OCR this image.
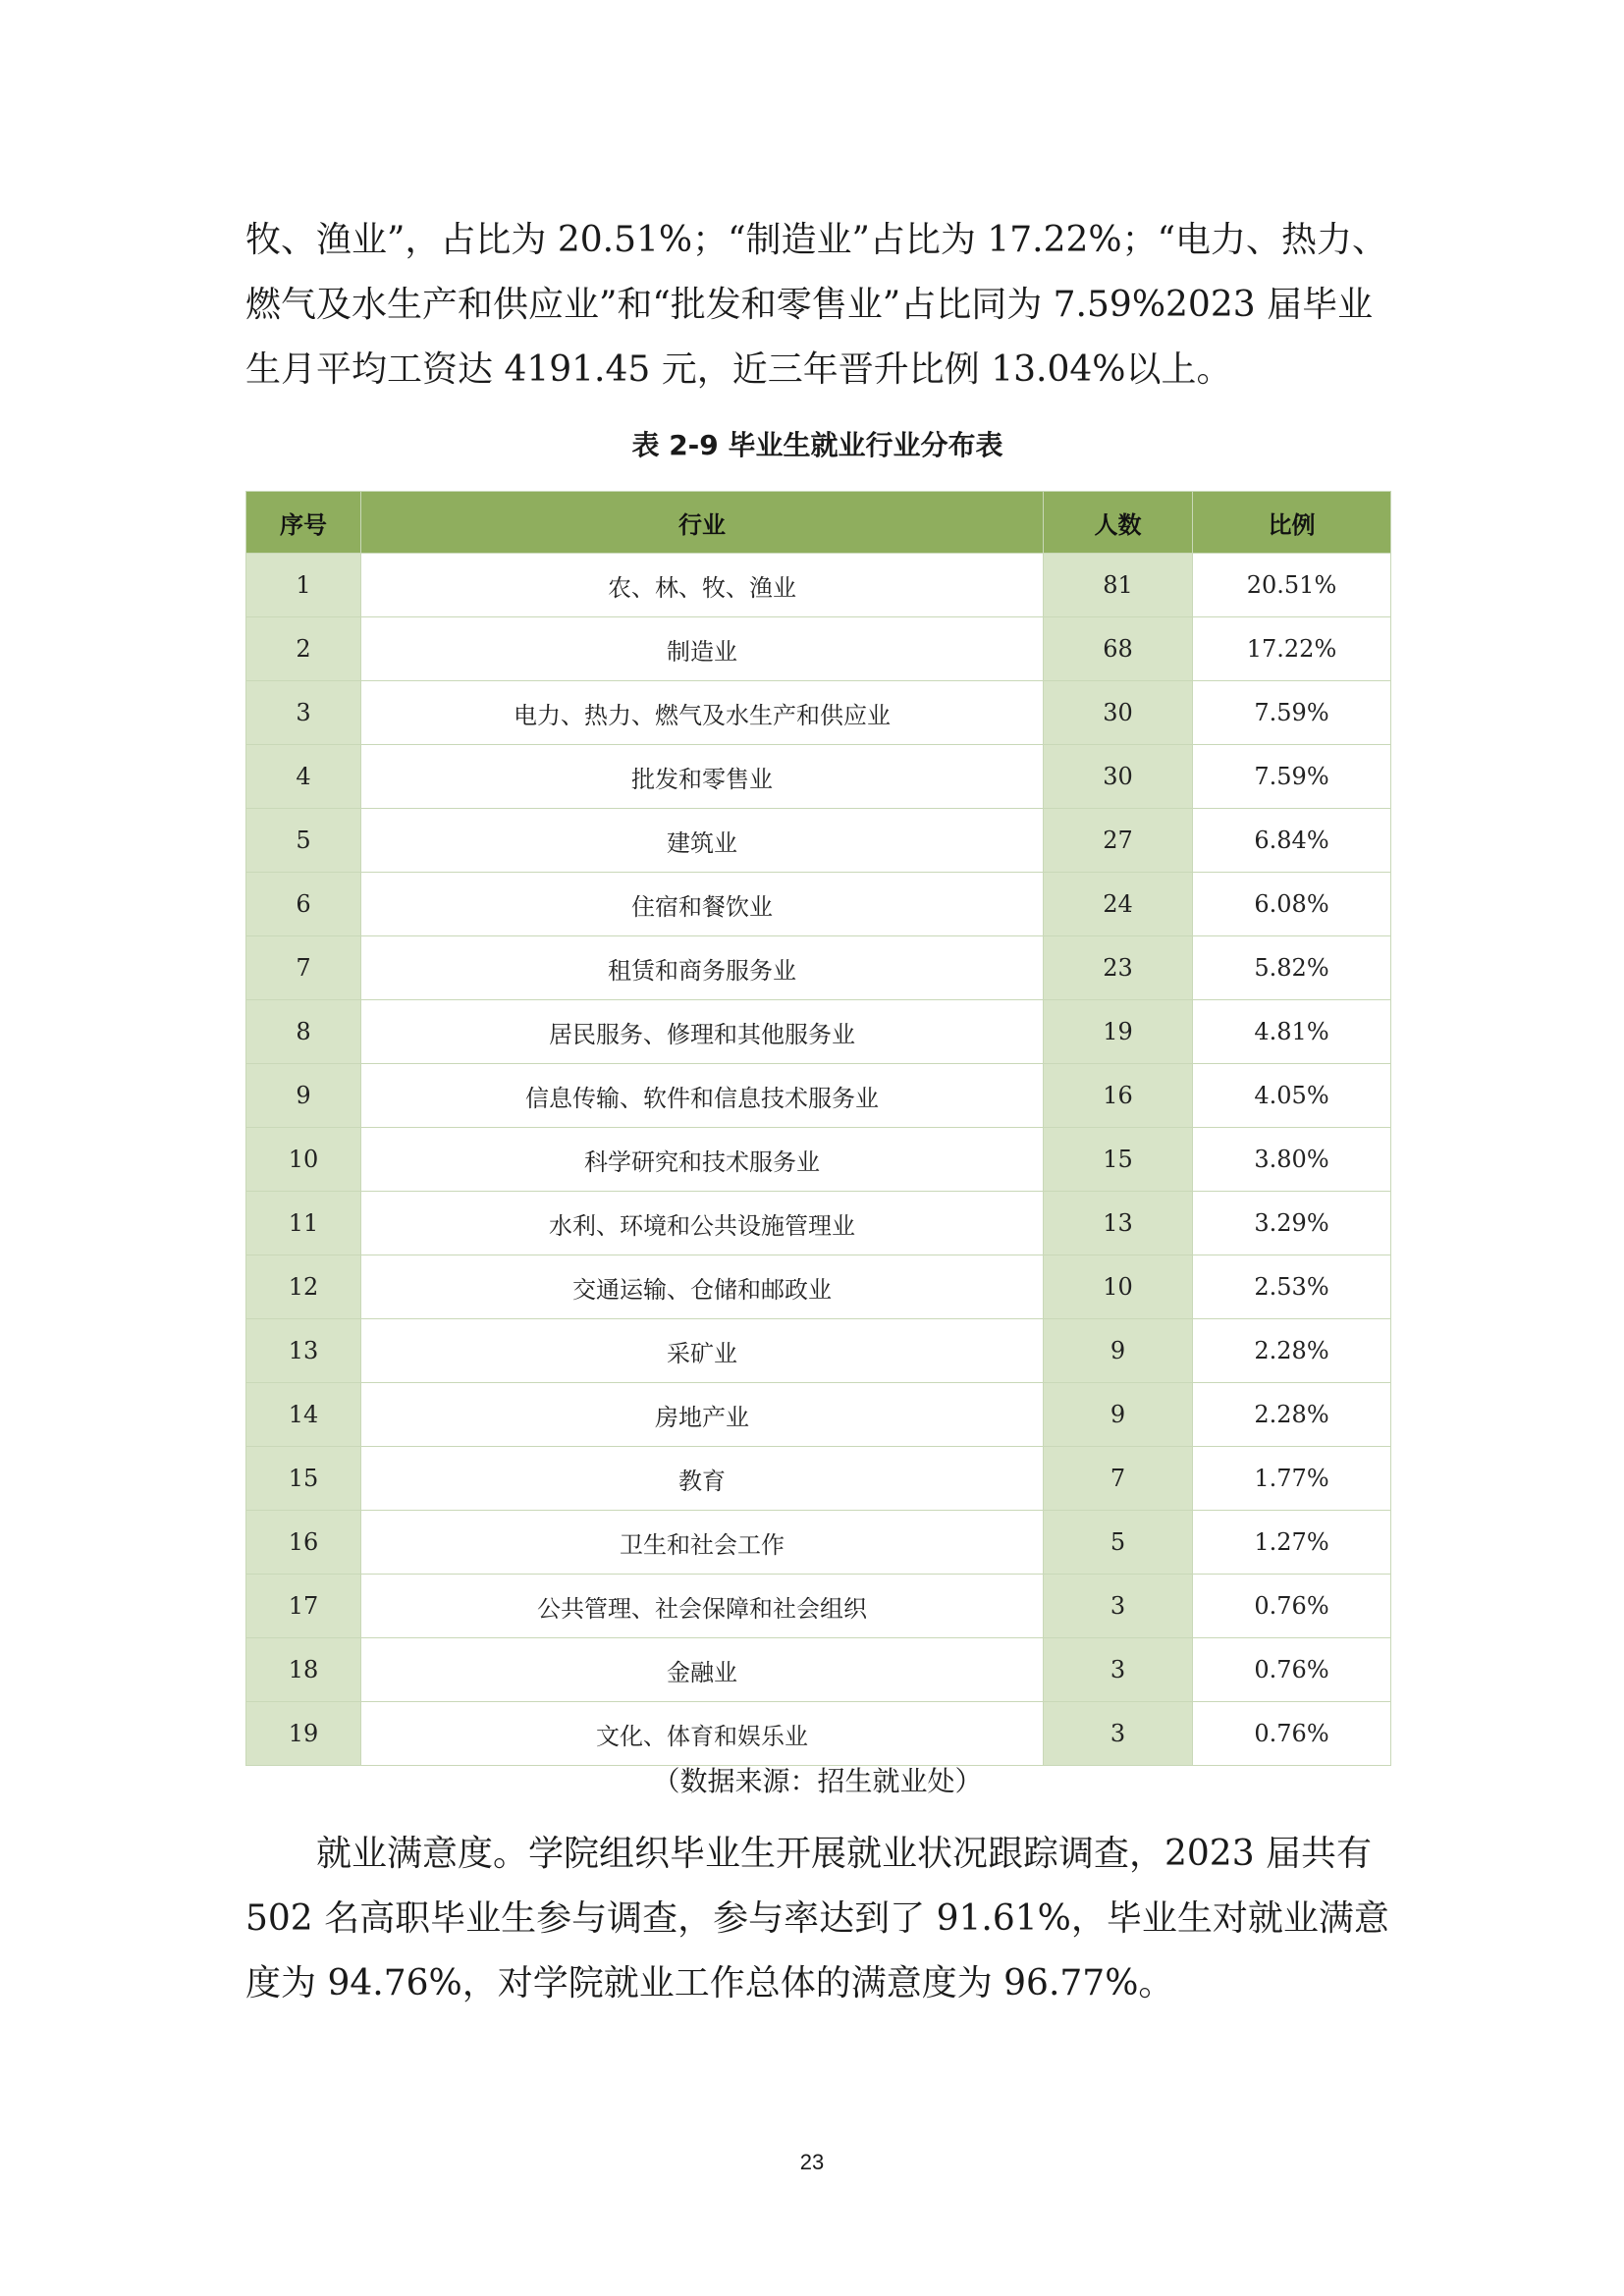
牧、渔业”，占比为 20.51%；“制造业”占比为 17.22%；“电力、热力、燃气及水生产和供应业”和“批发和零售业”占比同为 7.59%2023 届毕业生月平均工资达 4191.45 元，近三年晋升比例 13.04%以上。

表 2-9 毕业生就业行业分布表
序号	行业	人数	比例
1	农、林、牧、渔业	81	20.51%
2	制造业	68	17.22%
3	电力、热力、燃气及水生产和供应业	30	7.59%
4	批发和零售业	30	7.59%
5	建筑业	27	6.84%
6	住宿和餐饮业	24	6.08%
7	租赁和商务服务业	23	5.82%
8	居民服务、修理和其他服务业	19	4.81%
9	信息传输、软件和信息技术服务业	16	4.05%
10	科学研究和技术服务业	15	3.80%
11	水利、环境和公共设施管理业	13	3.29%
12	交通运输、仓储和邮政业	10	2.53%
13	采矿业	9	2.28%
14	房地产业	9	2.28%
15	教育	7	1.77%
16	卫生和社会工作	5	1.27%
17	公共管理、社会保障和社会组织	3	0.76%
18	金融业	3	0.76%
19	文化、体育和娱乐业	3	0.76%
（数据来源：招生就业处）

就业满意度。学院组织毕业生开展就业状况跟踪调查，2023 届共有 502 名高职毕业生参与调查，参与率达到了 91.61%，毕业生对就业满意度为 94.76%，对学院就业工作总体的满意度为 96.77%。

23
